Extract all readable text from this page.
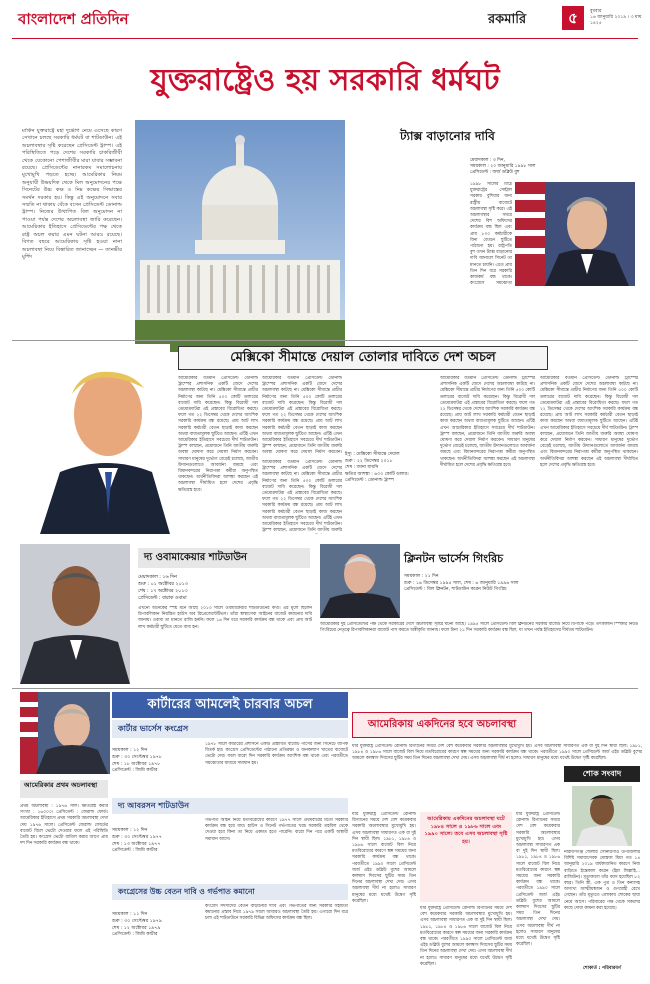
বাংলাদেশ প্রতিদিন	রকমারি	৫	বুধবার
১৬ জানুয়ারি ২০১৯ । ৩ মাঘ ১৪২৫
যুক্তরাষ্ট্রেও হয় সরকারি ধর্মঘট
মার্কিন যুক্তরাষ্ট্রে মহা দুর্ভোগ নেমে এসেছে কারণ সেখানে চলছে সরকারি ধর্মঘট বা শাটডাউন। এই অচলাবস্থার সৃষ্টি করেছেন প্রেসিডেন্ট ট্রাম্প। এই পরিস্থিতিতে পড়ে দেশের সরকারি চাকরিজীবী থেকে যেকোনো পেশাজীবীর মারা যাবার সম্ভাবনা রয়েছে। প্রেসিডেন্টের নানারকম সমালোচনায় মুখোমুখি পড়তে হচ্ছে। আমেরিকার নিয়ম অনুযায়ী উভয়দিক থেকে মিল অনুমোদনের পক্ষে সিনেটের উচ্চ কক্ষ ও নিম্ন কক্ষের সিদ্ধান্তের সমর্থন দরকার হয়। কিন্তু এই অনুমোদনে সবার সম্মতি না থাকায় বেঁকে বসেন প্রেসিডেন্ট ডোনাল্ড ট্রাম্প। নিজের উত্থাপিত বিল অনুমোদন না পাওয়া পর্যন্ত দেশের অচলাবস্থা জারি করেছেন। আমেরিকার ইতিহাসে প্রেসিডেন্টের পক্ষ থেকে রাষ্ট্র অচল করার এমন ঘটনা আরও রয়েছে। বিগত বছরে আমেরিকায় সৃষ্টি হওয়া নানা অচলাবস্থা নিয়ে বিস্তারিত জানাচ্ছেন — তানভীর মুর্শিদ
ট্যাক্স বাড়ানোর দাবি
মেয়াদকাল : ৩ দিন,
সময়কাল : ২০ জানুয়ারি ১৯৯৮ সাল
প্রেসিডেন্ট : জর্জ ডব্লিউ বুশ
১৯৯৮ সালের মার্চে যুক্তরাষ্ট্রের সেন্ট্রাল সরকার বুশিয়ার জন্য রাষ্ট্রীয় বাজেটে অচলাবস্থা সৃষ্টি করে। এই অচলাবস্থার সময়ে দেশের বিশ অফিসের কার্যক্রম বন্ধ ছিল এবং প্রায় ৮০০ কর্মচারীকে বিনা বেতনে ছুটিতে পাঠানো হয়। রাষ্ট্রপতি বুশ তখন ট্যাক্স বাড়ানোর দাবি জানালে সিনেট তা মানতে চায়নি। এতে প্রায় তিন দিন ধরে সরকারি কাজকর্ম বন্ধ থাকে। কংগ্রেসে সমঝোতা
মেক্সিকো সীমান্তে দেয়াল তোলার দাবিতে দেশ অচল
আমেরিকার বর্তমান প্রেসিডেন্ট ডোনাল্ড ট্রাম্পের প্রশাসনিক একটি জেদে দেশের অচলাবস্থা কাটছে না। মেক্সিকো সীমান্তে প্রাচীর নির্মাণের জন্য তিনি ৫০০ কোটি ডলারের বাজেট দাবি করেছেন। কিন্তু বিরোধী দল ডেমোক্র্যাটরা এই প্রস্তাবের বিরোধিতা করছে। ফলে গত ২২ ডিসেম্বর থেকে দেশের আংশিক সরকারি কার্যক্রম বন্ধ রয়েছে। প্রায় আট লাখ সরকারি কর্মচারী বেতন ছাড়াই কাজ করছেন অথবা বাধ্যতামূলক ছুটিতে আছেন। এটিই এখন আমেরিকার ইতিহাসে সবচেয়ে দীর্ঘ শাটডাউন। ট্রাম্প বলছেন, প্রয়োজনে তিনি জাতীয় জরুরি অবস্থা ঘোষণা করে দেয়াল নির্মাণ করবেন। সাধারণ মানুষের দুর্ভোগ বেড়েই চলেছে, জাতীয় উদ্যানগুলোতে আবর্জনা জমছে এবং বিমানবন্দরের নিরাপত্তা কর্মীরা অনুপস্থিত থাকছেন। অর্থনীতিবিদরা আশঙ্কা করছেন এই অচলাবস্থা দীর্ঘায়িত হলে দেশের প্রবৃদ্ধি ক্ষতিগ্রস্ত হবে।
আমেরিকার বর্তমান প্রেসিডেন্ট ডোনাল্ড ট্রাম্পের প্রশাসনিক একটি জেদে দেশের অচলাবস্থা কাটছে না। মেক্সিকো সীমান্তে প্রাচীর নির্মাণের জন্য তিনি ৫০০ কোটি ডলারের বাজেট দাবি করেছেন। কিন্তু বিরোধী দল ডেমোক্র্যাটরা এই প্রস্তাবের বিরোধিতা করছে। ফলে গত ২২ ডিসেম্বর থেকে দেশের আংশিক সরকারি কার্যক্রম বন্ধ রয়েছে। প্রায় আট লাখ সরকারি কর্মচারী বেতন ছাড়াই কাজ করছেন অথবা বাধ্যতামূলক ছুটিতে আছেন। এটিই এখন আমেরিকার ইতিহাসে সবচেয়ে দীর্ঘ শাটডাউন। ট্রাম্প বলছেন, প্রয়োজনে তিনি জাতীয় জরুরি অবস্থা ঘোষণা করে দেয়াল নির্মাণ করবেন। ইস্যু : মেক্সিকো সীমান্তে দেয়াল
শুরু : ২২ ডিসেম্বর ২০১৮
শেষ : জানা যায়নি
ক্ষতির আশঙ্কা : ৬০০ কোটি ডলার।
প্রেসিডেন্ট : ডোনাল্ড ট্রাম্প
আমেরিকার বর্তমান প্রেসিডেন্ট ডোনাল্ড ট্রাম্পের প্রশাসনিক একটি জেদে দেশের অচলাবস্থা কাটছে না। মেক্সিকো সীমান্তে প্রাচীর নির্মাণের জন্য তিনি ৫০০ কোটি ডলারের বাজেট দাবি করেছেন। কিন্তু বিরোধী দল ডেমোক্র্যাটরা এই প্রস্তাবের বিরোধিতা করছে। ফলে গত ২২ ডিসেম্বর থেকে দেশের আংশিক সরকারি কার্যক্রম বন্ধ রয়েছে। প্রায় আট লাখ সরকারি কর্মচারী বেতন ছাড়াই কাজ করছেন অথবা বাধ্যতামূলক ছুটিতে আছেন। এটিই এখন আমেরিকার ইতিহাসে সবচেয়ে দীর্ঘ শাটডাউন। ট্রাম্প বলছেন, প্রয়োজনে তিনি জাতীয় জরুরি
আমেরিকার বর্তমান প্রেসিডেন্ট ডোনাল্ড ট্রাম্পের প্রশাসনিক একটি জেদে দেশের অচলাবস্থা কাটছে না। মেক্সিকো সীমান্তে প্রাচীর নির্মাণের জন্য তিনি ৫০০ কোটি ডলারের বাজেট দাবি করেছেন। কিন্তু বিরোধী দল ডেমোক্র্যাটরা এই প্রস্তাবের বিরোধিতা করছে। ফলে গত ২২ ডিসেম্বর থেকে দেশের আংশিক সরকারি কার্যক্রম বন্ধ রয়েছে। প্রায় আট লাখ সরকারি কর্মচারী বেতন ছাড়াই কাজ করছেন অথবা বাধ্যতামূলক ছুটিতে আছেন। এটিই এখন আমেরিকার ইতিহাসে সবচেয়ে দীর্ঘ শাটডাউন। ট্রাম্প বলছেন, প্রয়োজনে তিনি জাতীয় জরুরি অবস্থা ঘোষণা করে দেয়াল নির্মাণ করবেন। সাধারণ মানুষের দুর্ভোগ বেড়েই চলেছে, জাতীয় উদ্যানগুলোতে আবর্জনা জমছে এবং বিমানবন্দরের নিরাপত্তা কর্মীরা অনুপস্থিত থাকছেন। অর্থনীতিবিদরা আশঙ্কা করছেন এই অচলাবস্থা দীর্ঘায়িত হলে দেশের প্রবৃদ্ধি ক্ষতিগ্রস্ত হবে।
আমেরিকার বর্তমান প্রেসিডেন্ট ডোনাল্ড ট্রাম্পের প্রশাসনিক একটি জেদে দেশের অচলাবস্থা কাটছে না। মেক্সিকো সীমান্তে প্রাচীর নির্মাণের জন্য তিনি ৫০০ কোটি ডলারের বাজেট দাবি করেছেন। কিন্তু বিরোধী দল ডেমোক্র্যাটরা এই প্রস্তাবের বিরোধিতা করছে। ফলে গত ২২ ডিসেম্বর থেকে দেশের আংশিক সরকারি কার্যক্রম বন্ধ রয়েছে। প্রায় আট লাখ সরকারি কর্মচারী বেতন ছাড়াই কাজ করছেন অথবা বাধ্যতামূলক ছুটিতে আছেন। এটিই এখন আমেরিকার ইতিহাসে সবচেয়ে দীর্ঘ শাটডাউন। ট্রাম্প বলছেন, প্রয়োজনে তিনি জাতীয় জরুরি অবস্থা ঘোষণা করে দেয়াল নির্মাণ করবেন। সাধারণ মানুষের দুর্ভোগ বেড়েই চলেছে, জাতীয় উদ্যানগুলোতে আবর্জনা জমছে এবং বিমানবন্দরের নিরাপত্তা কর্মীরা অনুপস্থিত থাকছেন। অর্থনীতিবিদরা আশঙ্কা করছেন এই অচলাবস্থা দীর্ঘায়িত হলে দেশের প্রবৃদ্ধি ক্ষতিগ্রস্ত হবে।
দ্য ওবামাকেয়ার শাটডাউন
মেয়াদকাল : ১৬ দিন
শুরু : ০১ অক্টোবর ২০১৩
শেষ : ১৭ অক্টোবর ২০১৩
প্রেসিডেন্ট : বারাক ওবামা
এখনো অনেকের স্পষ্ট মনে আছে ২০১৩ সালে ওবামাকেয়ার শাটডাউনের কথা। এর মূলে ছিলেন রিপাবলিকান নিয়ন্ত্রিত হাউস অব রিপ্রেজেন্টেটিভস। তাঁরা স্বাস্থ্যসেবা আইনের বাজেট কমানোর দাবি জানায়। ওবামা তা মানতে রাজি হননি। ফলে ১৬ দিন ধরে সরকারি কার্যক্রম বন্ধ থাকে এবং প্রায় আট লাখ কর্মচারী ছুটিতে যেতে বাধ্য হন।
ক্লিনটন ভার্সেস গিংরিচ
সময়কাল : ২১ দিন
শুরু : ১৬ ডিসেম্বর ১৯৯৫ সাল, শেষ : ৬ জানুয়ারি ১৯৯৬ সাল
প্রেসিডেন্ট : বিল ক্লিনটন, শাটডাউন করেন নিউট গিংরিচ
আমেরিকার দুই প্রেসিডেন্টের পক্ষ থেকে সরকারের দেশে অচলাবস্থা সৃষ্টির ঘটনা আছে। ১৯৯৫ সালে প্রেসিডেন্ট বিল ক্লিনটনের সরকার বাজেট নিয়ে বিপাকে পড়ে। তৎকালীন স্পিকার নিউট গিংরিচের নেতৃত্বে রিপাবলিকানরা বাজেট পাস করতে অস্বীকৃতি জানায়। ফলে টানা ২১ দিন সরকারি কার্যক্রম বন্ধ ছিল, যা তখন পর্যন্ত ইতিহাসের দীর্ঘতম শাটডাউন।
কার্টারের আমলেই চারবার অচল
কার্টার ভার্সেস কংগ্রেস
সময়কাল : ১২ দিন
শুরু : ৩০ সেপ্টেম্বর ১৯৭৮
শেষ : ১৮ অক্টোবর ১৯৭৮
প্রেসিডেন্ট : জিমি কার্টার
১৯৭৮ সালে কার্টারের প্রশাসনে একটি প্রস্তাবিত বাজেট পাসের জন্য সিনেটে ব্যাপক বিতর্ক হয়। কংগ্রেস প্রেসিডেন্টের পাঠানো প্রতিরক্ষা ও জনকল্যাণ খাতের বাজেটে ভেটো দেয়। ফলে বারো দিন সরকারি কার্যক্রম আংশিক বন্ধ থাকে এবং পরবর্তীতে সমঝোতার মাধ্যমে সমাধান হয়।
আমেরিকার প্রথম অচলাবস্থা
প্রথম অচলাবস্থা : ১৯৭৬ সাল। ক্ষতিগ্রস্ত কর্মীর সংখ্যা : ১৬০০০। প্রেসিডেন্ট : জেরাল্ড ফোর্ড। আমেরিকার ইতিহাসে প্রথম সরকারি অচলাবস্থা দেখা দেয় ১৯৭৬ সালে। প্রেসিডেন্ট জেরাল্ড ফোর্ডের বাজেট বিলে ভেটো দেওয়ার ফলে এই পরিস্থিতি তৈরি হয়। কংগ্রেস ভেটো বাতিল করার আগে প্রায় দশ দিন সরকারি কার্যক্রম বন্ধ থাকে।
দ্য আবরসন শাটডাউন
সময়কাল : ১২ দিন
শুরু : ৩০ সেপ্টেম্বর ১৯৭৭
শেষ : ১৩ অক্টোবর ১৯৭৭
প্রেসিডেন্ট : জিমি কার্টার
গর্ভপাত আইন নিয়ে মতবিরোধের কারণে ১৯৭৭ সালে প্রথমবারের মতো সরকারি কার্যক্রম বন্ধ হয়ে যায়। হাউস ও সিনেট গর্ভপাতের খরচ সরকারি তহবিল থেকে দেওয়া হবে কিনা তা নিয়ে একমত হতে পারেনি। বারো দিন পরে একটি অস্থায়ী সমাধান আসে।
কংগ্রেসের উচ্চ বেতন দাবি ও গর্ভপাত কমানো
সময়কাল : ১১ দিন
শুরু : ৩০ সেপ্টেম্বর ১৯৭৯
শেষ : ১২ অক্টোবর ১৯৭৯
প্রেসিডেন্ট : জিমি কার্টার
কংগ্রেস সদস্যদের বেতন বাড়ানোর দাবি এবং গর্ভপাতের জন্য সরকারি সহায়তা কমানোর প্রস্তাব নিয়ে ১৯৭৯ সালে আবারও অচলাবস্থা তৈরি হয়। এগারো দিন ধরে চলা এই শাটডাউনে সরকারি বিভিন্ন অফিসের কার্যক্রম বন্ধ ছিল।
আমেরিকায় একদিনের হবে অচলাবস্থা
যার যুক্তরাষ্ট্র প্রেসিডেন্ট রোনাল্ড রিগ্যানের সময়ে দেশ বেশ কয়েকবার সরকারি অচলাবস্থার মুখোমুখি হয়। এসব অচলাবস্থা সাধারণত এক বা দুই দিন স্থায়ী ছিল। ১৯৮১, ১৯৮৪ ও ১৯৮৬ সালে বাজেট বিল নিয়ে মতবিরোধের কারণে স্বল্প সময়ের জন্য সরকারি কার্যক্রম বন্ধ থাকে। পরবর্তীতে ১৯৯০ সালে প্রেসিডেন্ট জর্জ এইচ ডব্লিউ বুশের আমলে কলম্বাস দিবসের ছুটির সময় তিন দিনের অচলাবস্থা দেখা দেয়। এসব অচলাবস্থা দীর্ঘ না হলেও সাধারণ মানুষের মধ্যে যথেষ্ট উদ্বেগ সৃষ্টি করেছিল।
আমেরিকায় একদিনের অচলাবস্থা ঘটে ১৯৮৪ সালে ও ১৯৮৬ সালে এবং ১৯৯০ সালে। তবে এসব অচলাবস্থা সৃষ্টি হয়।
যার যুক্তরাষ্ট্র প্রেসিডেন্ট রোনাল্ড রিগ্যানের সময়ে দেশ বেশ কয়েকবার সরকারি অচলাবস্থার মুখোমুখি হয়। এসব অচলাবস্থা সাধারণত এক বা দুই দিন স্থায়ী ছিল। ১৯৮১, ১৯৮৪ ও ১৯৮৬ সালে বাজেট বিল নিয়ে মতবিরোধের কারণে স্বল্প সময়ের জন্য সরকারি কার্যক্রম বন্ধ থাকে। পরবর্তীতে ১৯৯০ সালে প্রেসিডেন্ট জর্জ এইচ ডব্লিউ বুশের আমলে কলম্বাস দিবসের ছুটির সময় তিন দিনের অচলাবস্থা দেখা দেয়। এসব অচলাবস্থা দীর্ঘ না হলেও সাধারণ মানুষের মধ্যে যথেষ্ট উদ্বেগ সৃষ্টি করেছিল।
যার যুক্তরাষ্ট্র প্রেসিডেন্ট রোনাল্ড রিগ্যানের সময়ে দেশ বেশ কয়েকবার সরকারি অচলাবস্থার মুখোমুখি হয়। এসব অচলাবস্থা সাধারণত এক বা দুই দিন স্থায়ী ছিল। ১৯৮১, ১৯৮৪ ও ১৯৮৬ সালে বাজেট বিল নিয়ে মতবিরোধের কারণে স্বল্প সময়ের জন্য সরকারি কার্যক্রম বন্ধ থাকে। পরবর্তীতে ১৯৯০ সালে প্রেসিডেন্ট জর্জ এইচ ডব্লিউ বুশের আমলে কলম্বাস দিবসের ছুটির সময় তিন দিনের অচলাবস্থা দেখা দেয়। এসব অচলাবস্থা দীর্ঘ না হলেও সাধারণ মানুষের মধ্যে যথেষ্ট উদ্বেগ সৃষ্টি করেছিল।
যার যুক্তরাষ্ট্র প্রেসিডেন্ট রোনাল্ড রিগ্যানের সময়ে দেশ বেশ কয়েকবার সরকারি অচলাবস্থার মুখোমুখি হয়। এসব অচলাবস্থা সাধারণত এক বা দুই দিন স্থায়ী ছিল। ১৯৮১, ১৯৮৪ ও ১৯৮৬ সালে বাজেট বিল নিয়ে মতবিরোধের কারণে স্বল্প সময়ের জন্য সরকারি কার্যক্রম বন্ধ থাকে। পরবর্তীতে ১৯৯০ সালে প্রেসিডেন্ট জর্জ এইচ ডব্লিউ বুশের আমলে কলম্বাস দিবসের ছুটির সময় তিন দিনের অচলাবস্থা দেখা দেয়। এসব অচলাবস্থা দীর্ঘ না হলেও সাধারণ মানুষের মধ্যে যথেষ্ট উদ্বেগ সৃষ্টি করেছিল।
শোক সংবাদ
নারায়ণগঞ্জ জেলার সোনারগাঁও উপজেলার বিশিষ্ট সমাজসেবক মোস্তফা মিয়া গত ১৪ জানুয়ারি ২০১৯ বার্ধক্যজনিত কারণে নিজ বাড়িতে ইন্তেকাল করেন (ইন্না লিল্লাহি... রাজিউন)। মৃত্যুকালে তাঁর বয়স হয়েছিল ৮২ বছর। তিনি স্ত্রী, এক পুত্র ও তিন কন্যাসহ অসংখ্য আত্মীয়স্বজন ও গুণগ্রাহী রেখে গেছেন। তাঁর মৃত্যুতে এলাকায় শোকের ছায়া নেমে আসে। পরিবারের পক্ষ থেকে সকলের কাছে দোয়া কামনা করা হয়েছে।
শোকার্ত : পরিবারবর্গ
